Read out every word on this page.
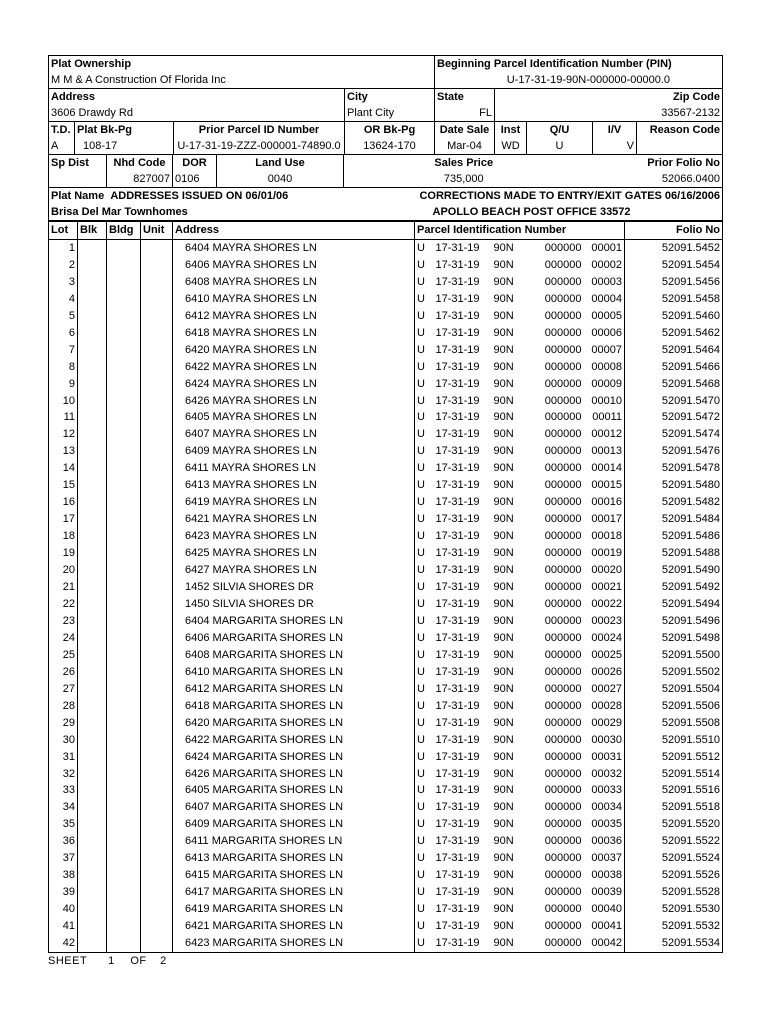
Plat Ownership				Beginning Parcel Identification Number (PIN)				
M M & A Construction Of Florida Inc				U-17-31-19-90N-000000-00000.0				
Address			City	State	Zip Code			
3606 Drawdy Rd			Plant City	FL	33567-2132			
T.D.	Plat Bk-Pg	Prior Parcel ID Number	OR Bk-Pg	Date Sale	Inst	Q/U	I/V	Reason Code
A	108-17	U-17-31-19-ZZZ-000001-74890.0	13624-170	Mar-04	WD	U	V	
Sp Dist	Nhd Code	DOR	Land Use	Sales Price	Prior Folio No
	827007	0106	0040	735,000	52066.0400
Plat Name ADDRESSES ISSUED ON 06/01/06	CORRECTIONS MADE TO ENTRY/EXIT GATES 06/16/2006
Brisa Del Mar Townhomes	APOLLO BEACH POST OFFICE 33572
Lot	Blk	Bldg	Unit	Address	Parcel Identification Number					Folio No
1				6404 MAYRA SHORES LN	U	17-31-19	90N	000000	00001	52091.5452
2				6406 MAYRA SHORES LN	U	17-31-19	90N	000000	00002	52091.5454
3				6408 MAYRA SHORES LN	U	17-31-19	90N	000000	00003	52091.5456
4				6410 MAYRA SHORES LN	U	17-31-19	90N	000000	00004	52091.5458
5				6412 MAYRA SHORES LN	U	17-31-19	90N	000000	00005	52091.5460
6				6418 MAYRA SHORES LN	U	17-31-19	90N	000000	00006	52091.5462
7				6420 MAYRA SHORES LN	U	17-31-19	90N	000000	00007	52091.5464
8				6422 MAYRA SHORES LN	U	17-31-19	90N	000000	00008	52091.5466
9				6424 MAYRA SHORES LN	U	17-31-19	90N	000000	00009	52091.5468
10				6426 MAYRA SHORES LN	U	17-31-19	90N	000000	00010	52091.5470
11				6405 MAYRA SHORES LN	U	17-31-19	90N	000000	00011	52091.5472
12				6407 MAYRA SHORES LN	U	17-31-19	90N	000000	00012	52091.5474
13				6409 MAYRA SHORES LN	U	17-31-19	90N	000000	00013	52091.5476
14				6411 MAYRA SHORES LN	U	17-31-19	90N	000000	00014	52091.5478
15				6413 MAYRA SHORES LN	U	17-31-19	90N	000000	00015	52091.5480
16				6419 MAYRA SHORES LN	U	17-31-19	90N	000000	00016	52091.5482
17				6421 MAYRA SHORES LN	U	17-31-19	90N	000000	00017	52091.5484
18				6423 MAYRA SHORES LN	U	17-31-19	90N	000000	00018	52091.5486
19				6425 MAYRA SHORES LN	U	17-31-19	90N	000000	00019	52091.5488
20				6427 MAYRA SHORES LN	U	17-31-19	90N	000000	00020	52091.5490
21				1452 SILVIA SHORES DR	U	17-31-19	90N	000000	00021	52091.5492
22				1450 SILVIA SHORES DR	U	17-31-19	90N	000000	00022	52091.5494
23				6404 MARGARITA SHORES LN	U	17-31-19	90N	000000	00023	52091.5496
24				6406 MARGARITA SHORES LN	U	17-31-19	90N	000000	00024	52091.5498
25				6408 MARGARITA SHORES LN	U	17-31-19	90N	000000	00025	52091.5500
26				6410 MARGARITA SHORES LN	U	17-31-19	90N	000000	00026	52091.5502
27				6412 MARGARITA SHORES LN	U	17-31-19	90N	000000	00027	52091.5504
28				6418 MARGARITA SHORES LN	U	17-31-19	90N	000000	00028	52091.5506
29				6420 MARGARITA SHORES LN	U	17-31-19	90N	000000	00029	52091.5508
30				6422 MARGARITA SHORES LN	U	17-31-19	90N	000000	00030	52091.5510
31				6424 MARGARITA SHORES LN	U	17-31-19	90N	000000	00031	52091.5512
32				6426 MARGARITA SHORES LN	U	17-31-19	90N	000000	00032	52091.5514
33				6405 MARGARITA SHORES LN	U	17-31-19	90N	000000	00033	52091.5516
34				6407 MARGARITA SHORES LN	U	17-31-19	90N	000000	00034	52091.5518
35				6409 MARGARITA SHORES LN	U	17-31-19	90N	000000	00035	52091.5520
36				6411 MARGARITA SHORES LN	U	17-31-19	90N	000000	00036	52091.5522
37				6413 MARGARITA SHORES LN	U	17-31-19	90N	000000	00037	52091.5524
38				6415 MARGARITA SHORES LN	U	17-31-19	90N	000000	00038	52091.5526
39				6417 MARGARITA SHORES LN	U	17-31-19	90N	000000	00039	52091.5528
40				6419 MARGARITA SHORES LN	U	17-31-19	90N	000000	00040	52091.5530
41				6421 MARGARITA SHORES LN	U	17-31-19	90N	000000	00041	52091.5532
42				6423 MARGARITA SHORES LN	U	17-31-19	90N	000000	00042	52091.5534
SHEET 1 OF 2
